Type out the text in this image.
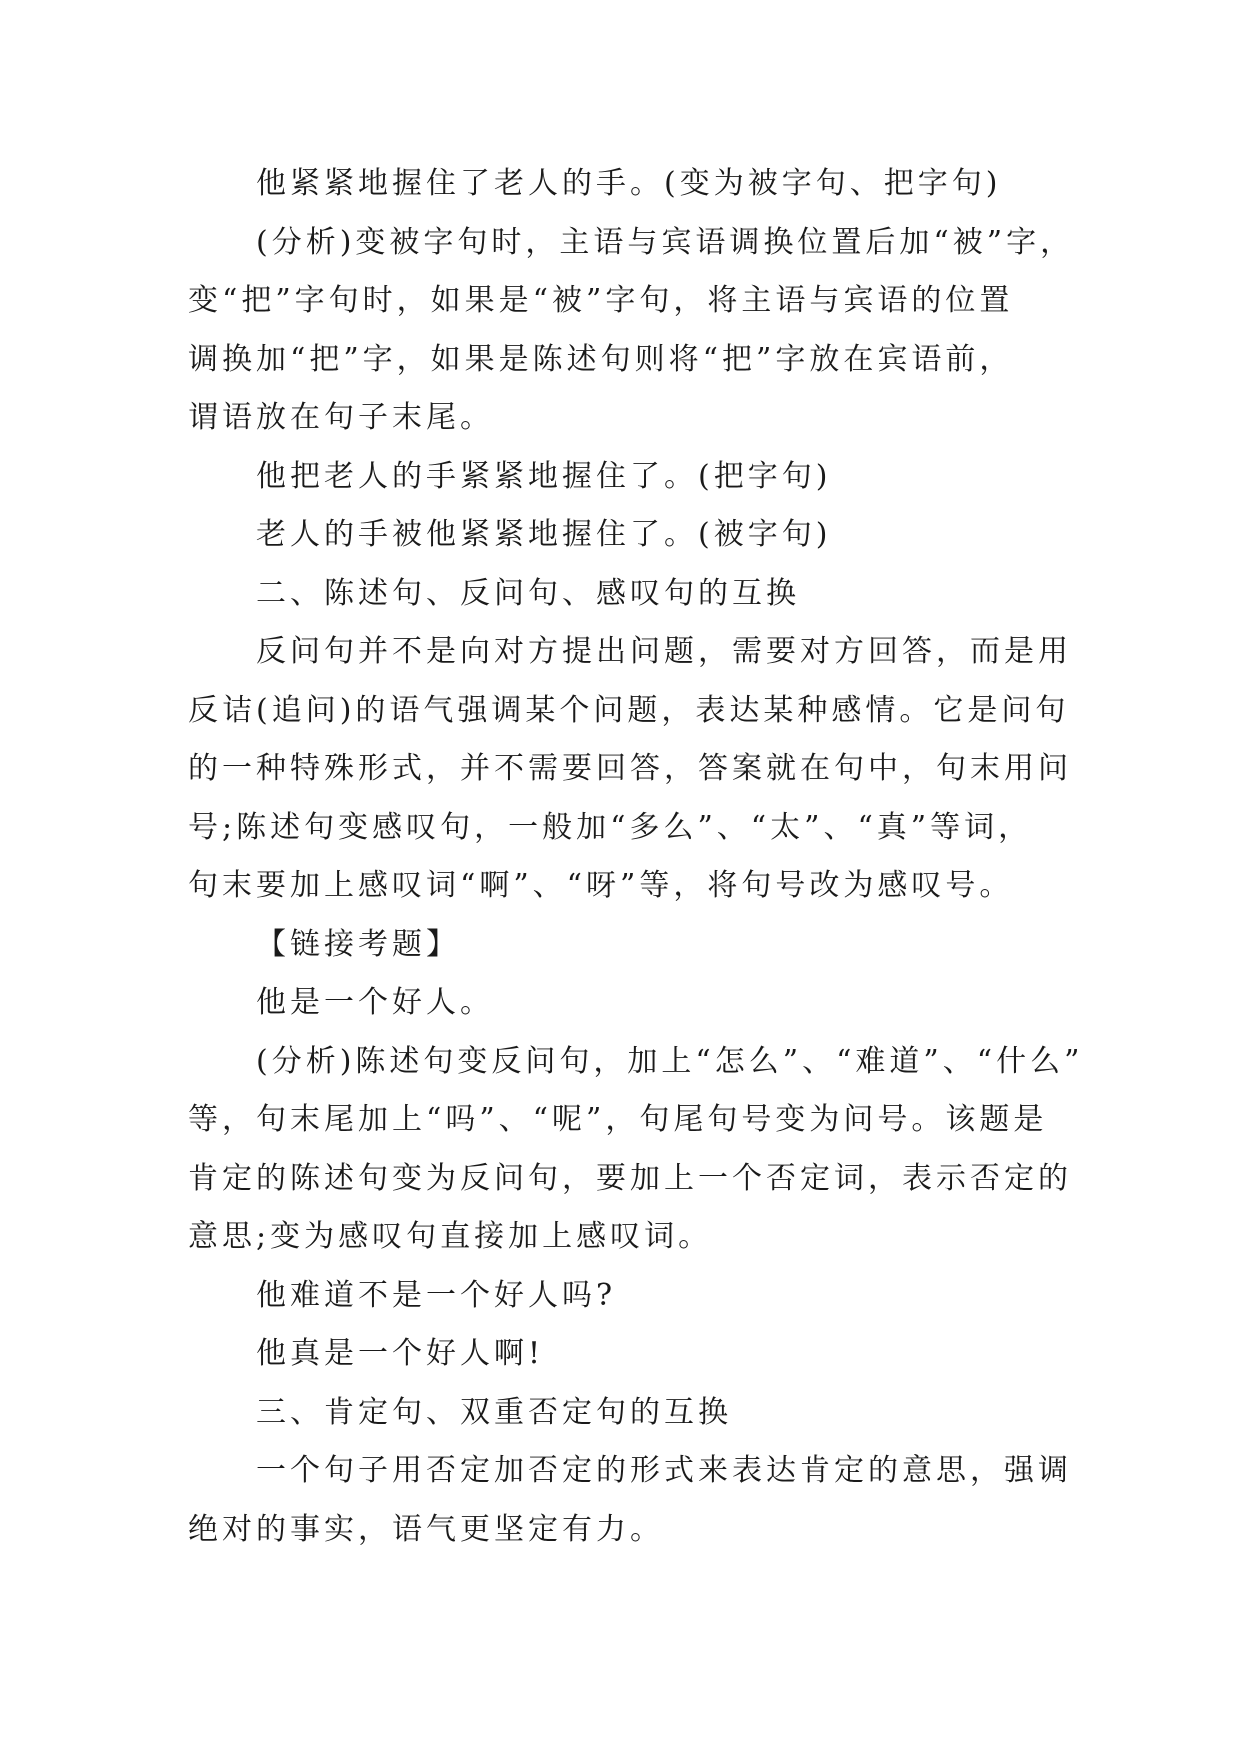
他紧紧地握住了老人的手。(变为被字句、把字句)
(分析)变被字句时，主语与宾语调换位置后加“被”字，
变“把”字句时，如果是“被”字句，将主语与宾语的位置
调换加“把”字，如果是陈述句则将“把”字放在宾语前，
谓语放在句子末尾。
他把老人的手紧紧地握住了。(把字句)
老人的手被他紧紧地握住了。(被字句)
二、陈述句、反问句、感叹句的互换
反问句并不是向对方提出问题，需要对方回答，而是用
反诘(追问)的语气强调某个问题，表达某种感情。它是问句
的一种特殊形式，并不需要回答，答案就在句中，句末用问
号;陈述句变感叹句，一般加“多么”、“太”、“真”等词，
句末要加上感叹词“啊”、“呀”等，将句号改为感叹号。
【链接考题】
他是一个好人。
(分析)陈述句变反问句，加上“怎么”、“难道”、“什么”
等，句末尾加上“吗”、“呢”，句尾句号变为问号。该题是
肯定的陈述句变为反问句，要加上一个否定词，表示否定的
意思;变为感叹句直接加上感叹词。
他难道不是一个好人吗?
他真是一个好人啊!
三、肯定句、双重否定句的互换
一个句子用否定加否定的形式来表达肯定的意思，强调
绝对的事实，语气更坚定有力。
